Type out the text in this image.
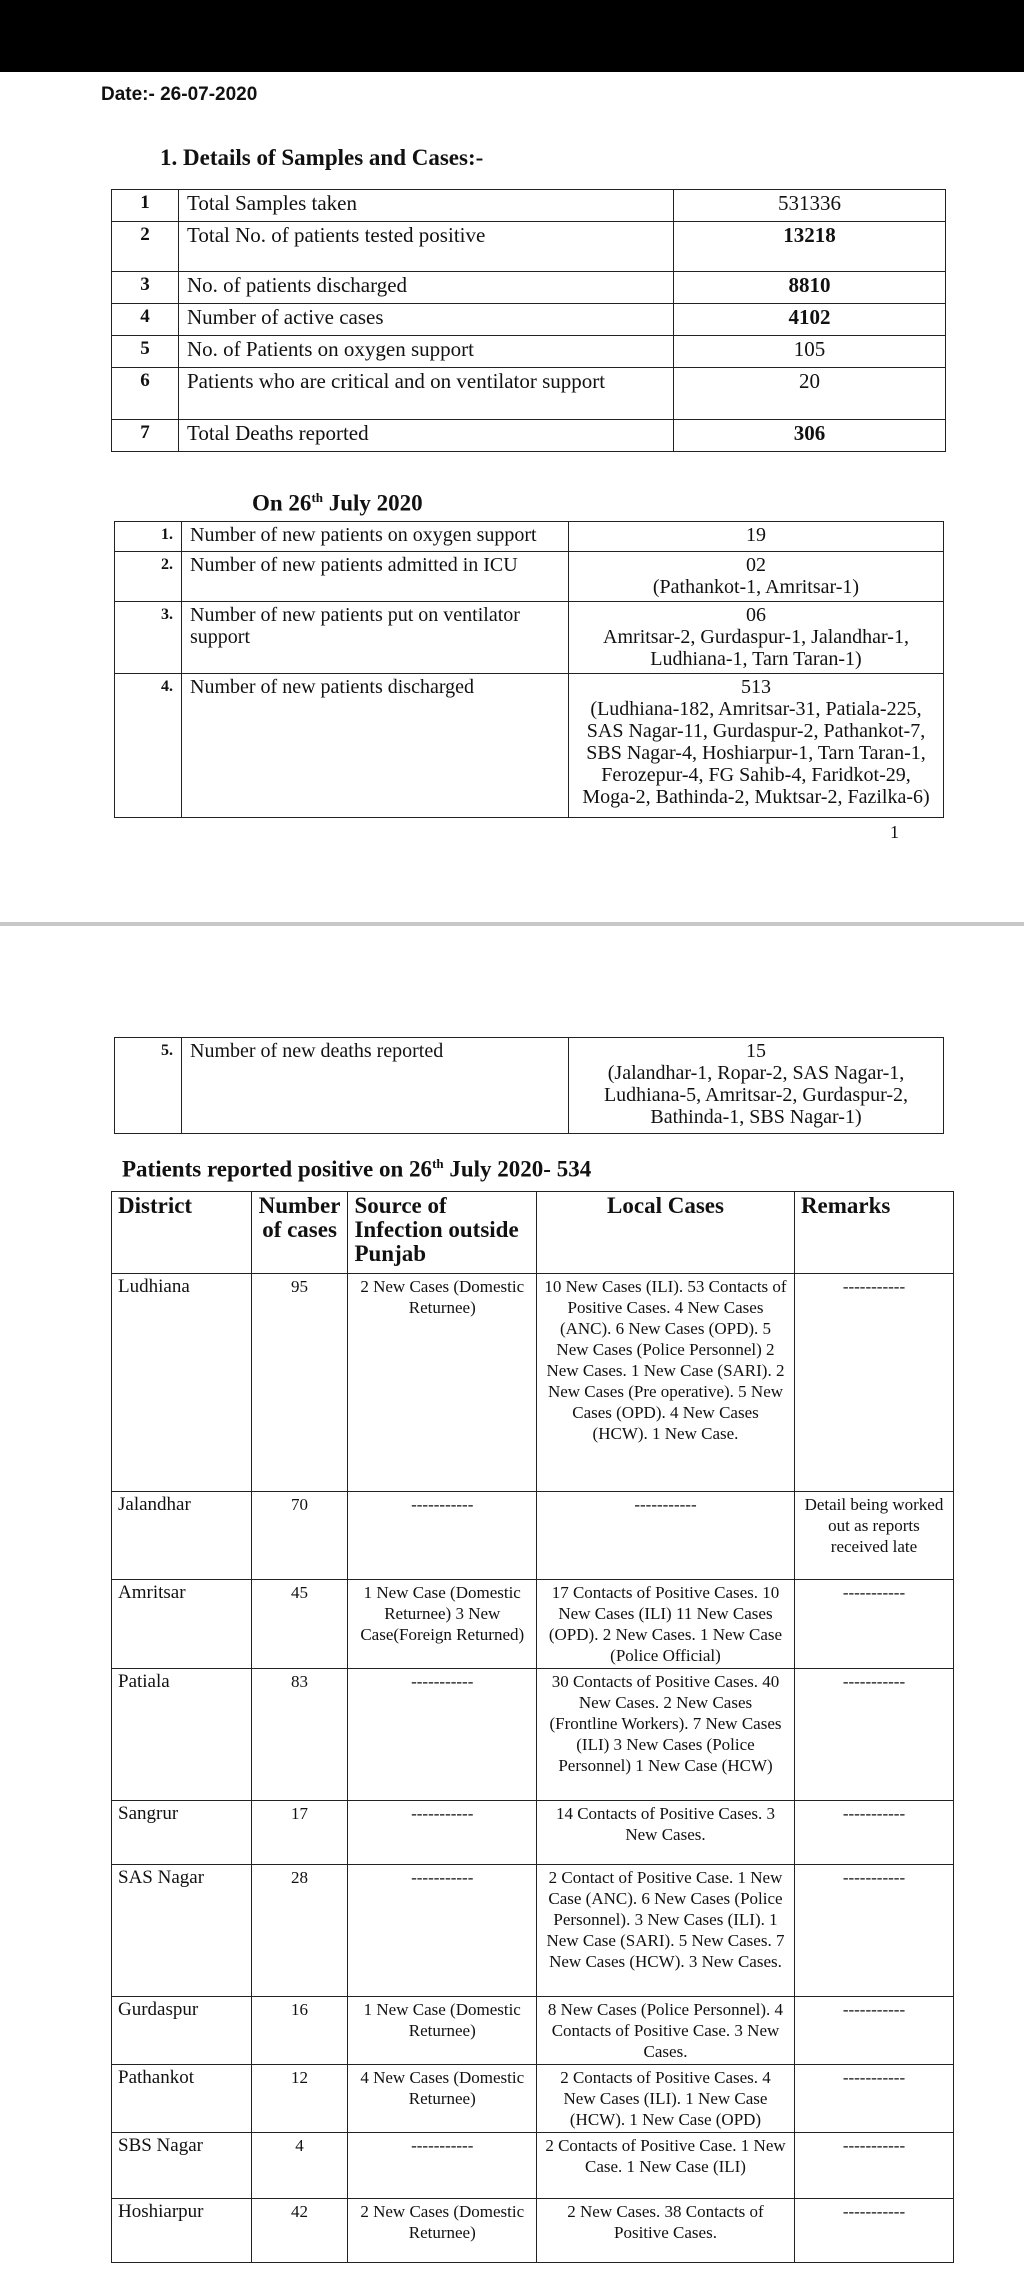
Date:- 26-07-2020
1. Details of Samples and Cases:-
1	Total Samples taken	531336
2	Total No. of patients tested positive	13218
3	No. of patients discharged	8810
4	Number of active cases	4102
5	No. of Patients on oxygen support	105
6	Patients who are critical and on ventilator support	20
7	Total Deaths reported	306
On 26th July 2020
1.	Number of new patients on oxygen support	19

2.	Number of new patients admitted in ICU	02
(Pathankot-1, Amritsar-1)

3.	Number of new patients put on ventilator support	06
Amritsar-2, Gurdaspur-1, Jalandhar-1, Ludhiana-1, Tarn Taran-1)

4.	Number of new patients discharged	513
(Ludhiana-182, Amritsar-31, Patiala-225, SAS Nagar-11, Gurdaspur-2, Pathankot-7, SBS Nagar-4, Hoshiarpur-1, Tarn Taran-1, Ferozepur-4, FG Sahib-4, Faridkot-29, Moga-2, Bathinda-2, Muktsar-2, Fazilka-6)
1
5.	Number of new deaths reported	15
(Jalandhar-1, Ropar-2, SAS Nagar-1, Ludhiana-5, Amritsar-2, Gurdaspur-2, Bathinda-1, SBS Nagar-1)
Patients reported positive on 26th July 2020- 534
District	Number of cases	Source of Infection outside Punjab	Local Cases	Remarks
Ludhiana	95	2 New Cases (Domestic Returnee)	10 New Cases (ILI). 53 Contacts of Positive Cases. 4 New Cases (ANC). 6 New Cases (OPD). 5 New Cases (Police Personnel) 2 New Cases. 1 New Case (SARI). 2 New Cases (Pre operative). 5 New Cases (OPD). 4 New Cases (HCW). 1 New Case.	-----------
Jalandhar	70	-----------	-----------	Detail being worked out as reports received late
Amritsar	45	1 New Case (Domestic Returnee) 3 New Case(Foreign Returned)	17 Contacts of Positive Cases. 10 New Cases (ILI) 11 New Cases (OPD). 2 New Cases. 1 New Case (Police Official)	-----------
Patiala	83	-----------	30 Contacts of Positive Cases. 40 New Cases. 2 New Cases (Frontline Workers). 7 New Cases (ILI) 3 New Cases (Police Personnel) 1 New Case (HCW)	-----------
Sangrur	17	-----------	14 Contacts of Positive Cases. 3 New Cases.	-----------
SAS Nagar	28	-----------	2 Contact of Positive Case. 1 New Case (ANC). 6 New Cases (Police Personnel). 3 New Cases (ILI). 1 New Case (SARI). 5 New Cases. 7 New Cases (HCW). 3 New Cases.	-----------
Gurdaspur	16	1 New Case (Domestic Returnee)	8 New Cases (Police Personnel). 4 Contacts of Positive Case. 3 New Cases.	-----------
Pathankot	12	4 New Cases (Domestic Returnee)	2 Contacts of Positive Cases. 4 New Cases (ILI). 1 New Case (HCW). 1 New Case (OPD)	-----------
SBS Nagar	4	-----------	2 Contacts of Positive Case. 1 New Case. 1 New Case (ILI)	-----------
Hoshiarpur	42	2 New Cases (Domestic Returnee)	2 New Cases. 38 Contacts of Positive Cases.	-----------
